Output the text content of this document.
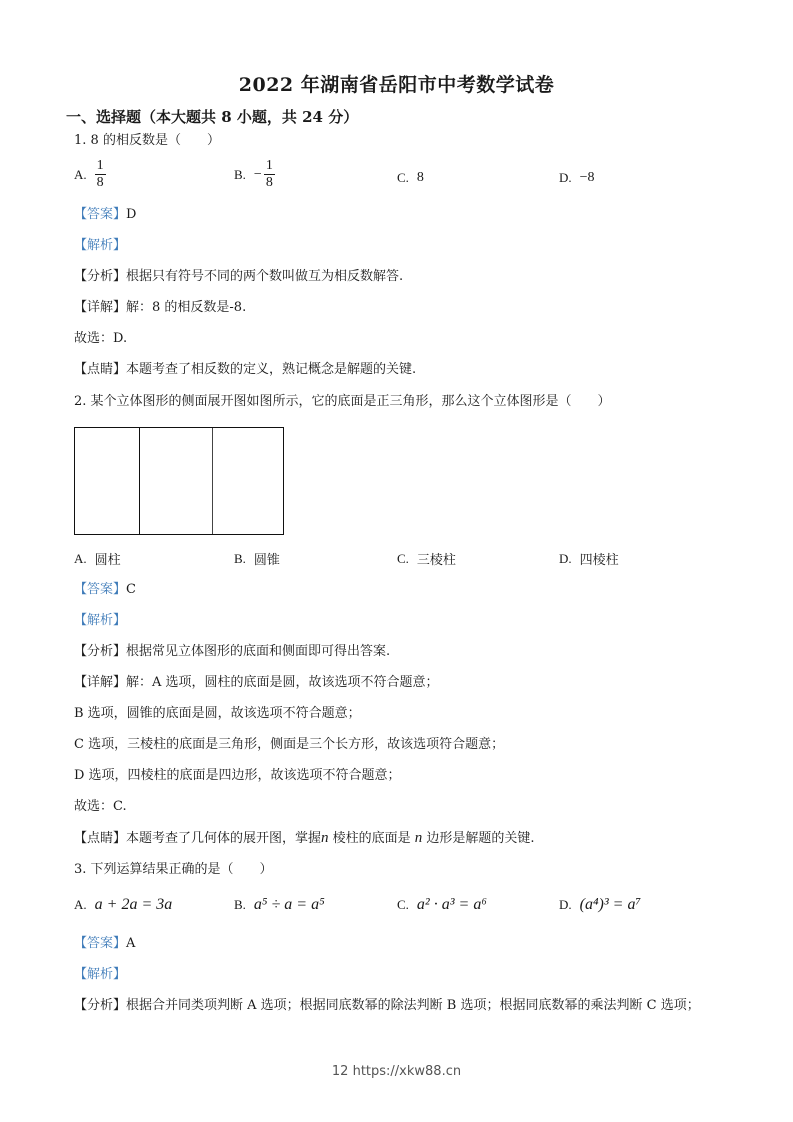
2022 年湖南省岳阳市中考数学试卷
一、选择题（本大题共 8 小题，共 24 分）
1. 8 的相反数是（　　）
A. $\frac{1}{8}$	B. − $\frac{1}{8}$	C. 8	D. −8
【答案】D
【解析】
【分析】根据只有符号不同的两个数叫做互为相反数解答.
【详解】解：8 的相反数是-8.
故选：D.
【点睛】本题考查了相反数的定义，熟记概念是解题的关键.
2. 某个立体图形的侧面展开图如图所示，它的底面是正三角形，那么这个立体图形是（　　）
A. 圆柱	B. 圆锥	C. 三棱柱	D. 四棱柱
【答案】C
【解析】
【分析】根据常见立体图形的底面和侧面即可得出答案.
【详解】解：A 选项，圆柱的底面是圆，故该选项不符合题意；
B 选项，圆锥的底面是圆，故该选项不符合题意；
C 选项，三棱柱的底面是三角形，侧面是三个长方形，故该选项符合题意；
D 选项，四棱柱的底面是四边形，故该选项不符合题意；
故选：C.
【点睛】本题考查了几何体的展开图，掌握n 棱柱的底面是 n 边形是解题的关键.
3. 下列运算结果正确的是（　　）
A. a + 2a = 3a	B. a⁵ ÷ a = a⁵	C. a² · a³ = a⁶	D. (a⁴)³ = a⁷
【答案】A
【解析】
【分析】根据合并同类项判断 A 选项；根据同底数幂的除法判断 B 选项；根据同底数幂的乘法判断 C 选项；
12 https://xkw88.cn
